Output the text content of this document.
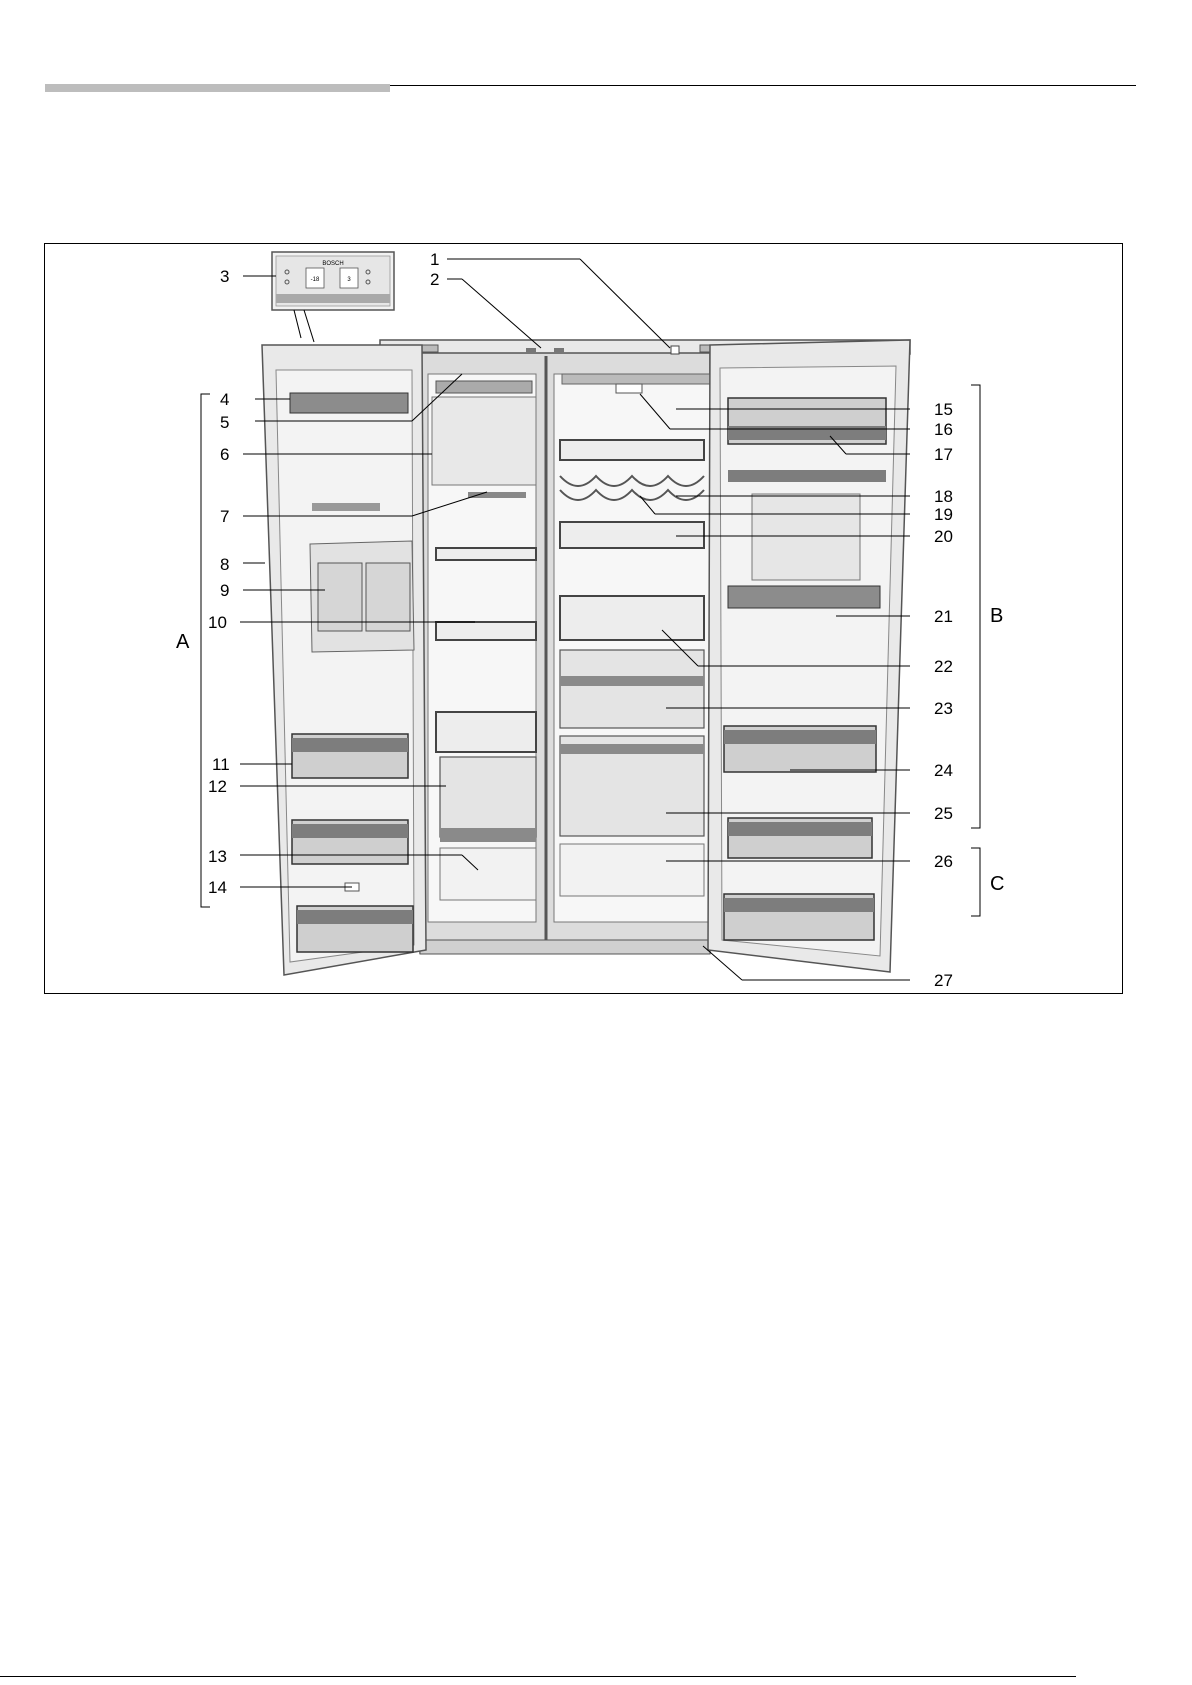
BOSCH
-18	3
1
2
3
4
5
6
7
8
9
10
11
12
13
14
15
16
17
18
19
20
21
22
23
24
25
26
27
A
B
C
